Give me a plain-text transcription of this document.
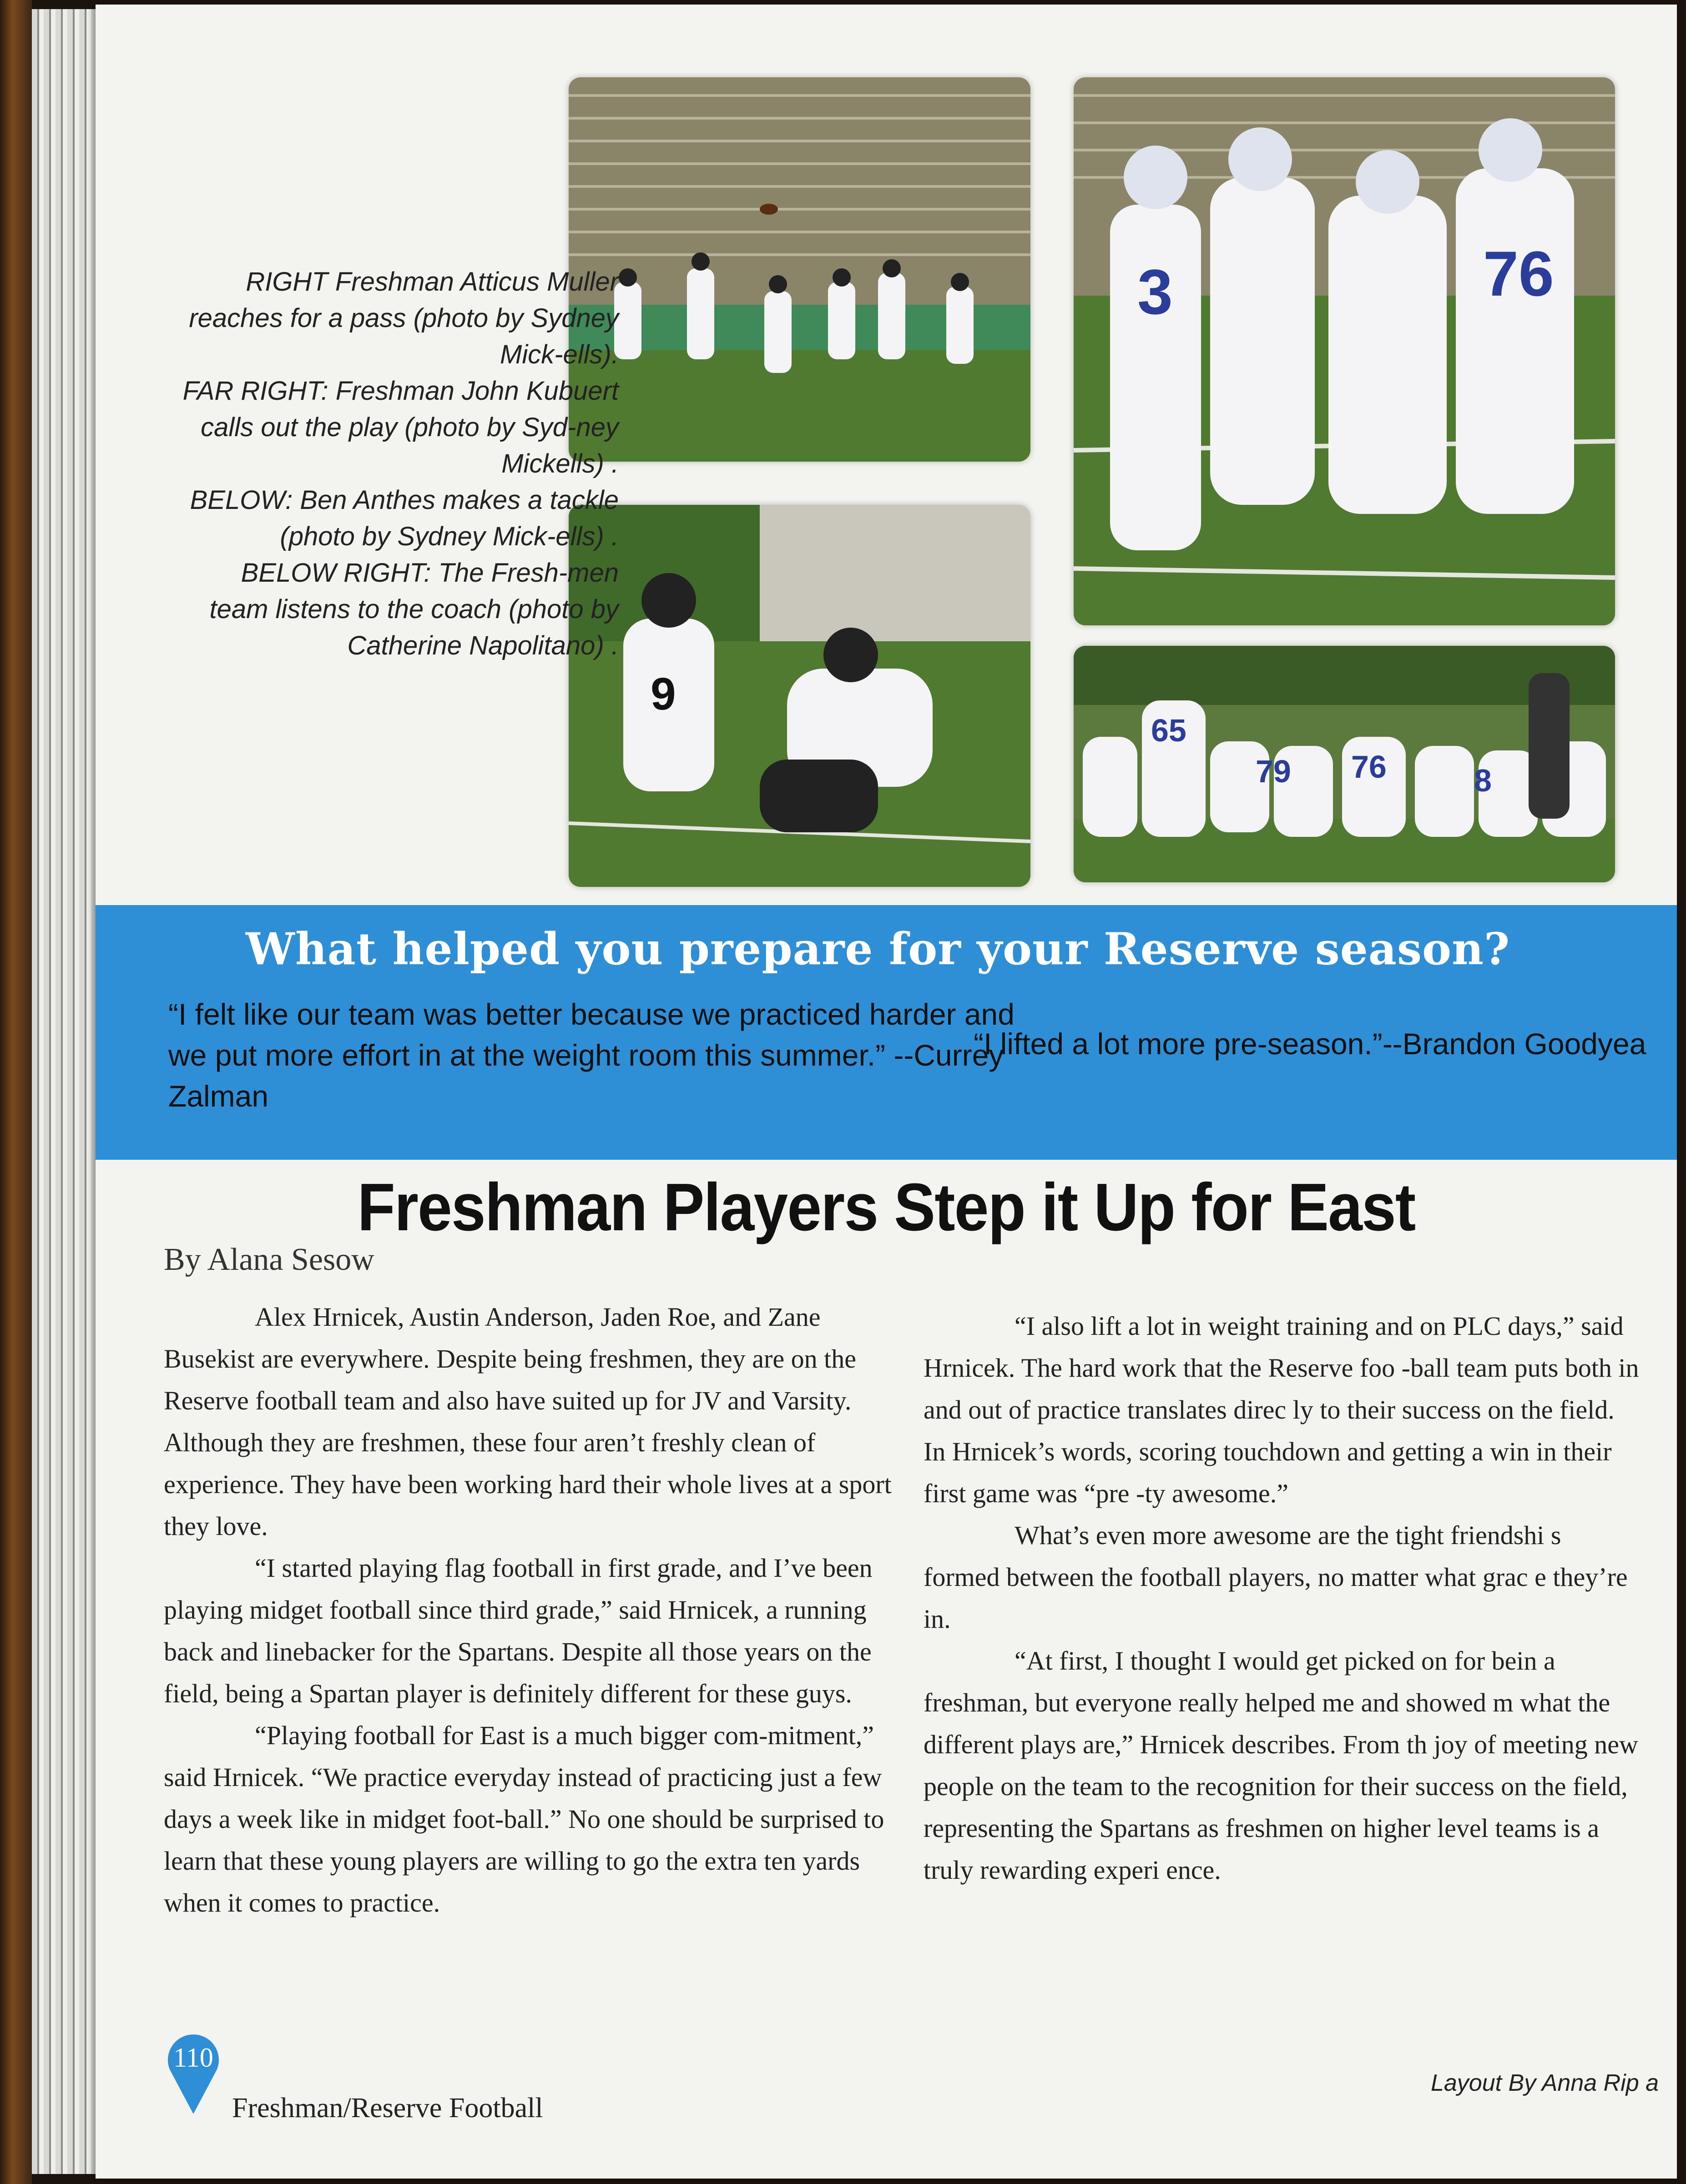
3	76
9
65
79 76	8

RIGHT Freshman Atticus Muller reaches for a pass (photo by Sydney Mick-ells).

FAR RIGHT: Freshman John Kubuert calls out the play (photo by Syd-ney Mickells) .

BELOW: Ben Anthes makes a tackle (photo by Sydney Mick-ells) .

BELOW RIGHT: The Fresh-men team listens to the coach (photo by Catherine Napolitano) .

What helped you prepare for your Reserve season?

“I felt like our team was better because we practiced harder and we put more effort in at the weight room this summer.” --Currey Zalman

“I lifted a lot more pre-season.”--Brandon Goodyea
Freshman Players Step it Up for East
By Alana Sesow

Alex Hrnicek, Austin Anderson, Jaden Roe, and Zane Busekist are everywhere. Despite being freshmen, they are on the Reserve football team and also have suited up for JV and Varsity. Although they are freshmen, these four aren’t freshly clean of experience. They have been working hard their whole lives at a sport they love.

“I started playing flag football in first grade, and I’ve been playing midget football since third grade,” said Hrnicek, a running back and linebacker for the Spartans. Despite all those years on the field, being a Spartan player is definitely different for these guys.

“Playing football for East is a much bigger com-mitment,” said Hrnicek. “We practice everyday instead of practicing just a few days a week like in midget foot-ball.” No one should be surprised to learn that these young players are willing to go the extra ten yards when it comes to practice.

“I also lift a lot in weight training and on PLC days,” said Hrnicek. The hard work that the Reserve foo -ball team puts both in and out of practice translates direc ly to their success on the field. In Hrnicek’s words, scoring touchdown and getting a win in their first game was “pre -ty awesome.”

What’s even more awesome are the tight friendshi s formed between the football players, no matter what grac e they’re in.

“At first, I thought I would get picked on for bein a freshman, but everyone really helped me and showed m what the different plays are,” Hrnicek describes. From th joy of meeting new people on the team to the recognition for their success on the field, representing the Spartans as freshmen on higher level teams is a truly rewarding experi ence.

110
Freshman/Reserve Football
Layout By Anna Rip a
